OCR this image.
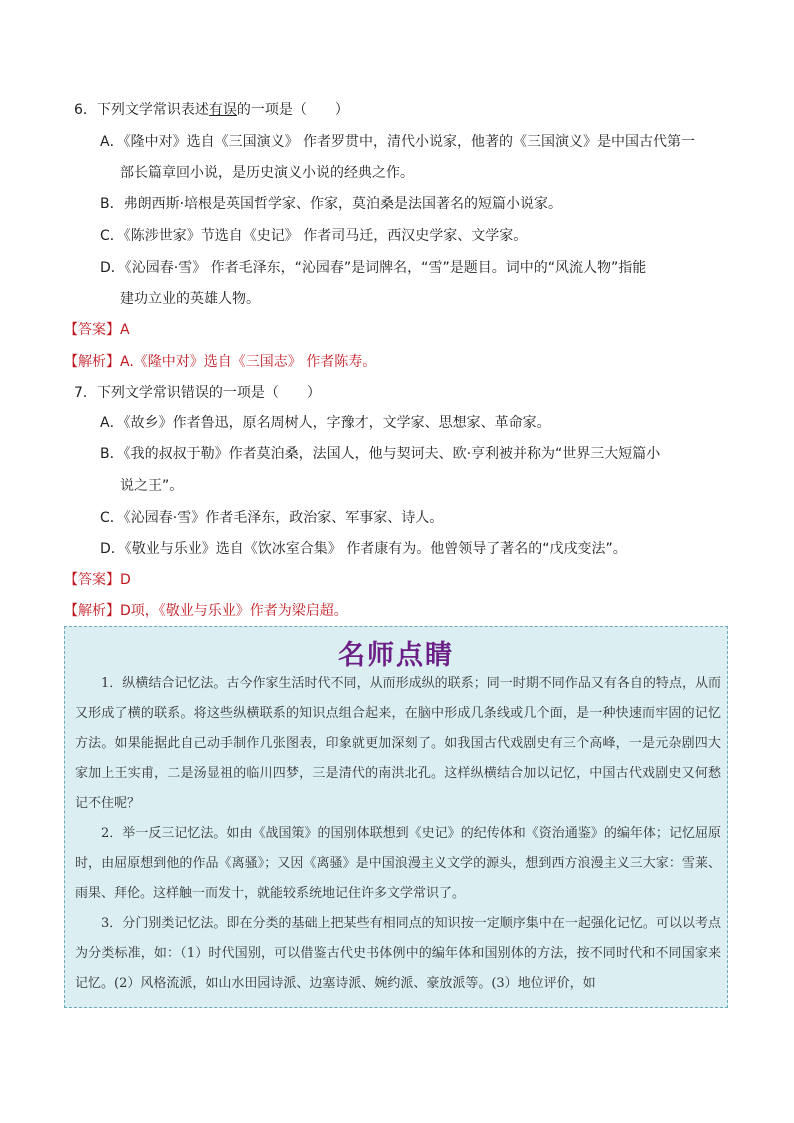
6．下列文学常识表述有误的一项是（　　）
A．《隆中对》选自《三国演义》 作者罗贯中，清代小说家，他著的《三国演义》是中国古代第一
部长篇章回小说，是历史演义小说的经典之作。
B．弗朗西斯·培根是英国哲学家、作家，莫泊桑是法国著名的短篇小说家。
C．《陈涉世家》节选自《史记》 作者司马迁，西汉史学家、文学家。
D．《沁园春·雪》 作者毛泽东，“沁园春”是词牌名，“雪”是题目。词中的“风流人物”指能
建功立业的英雄人物。
【答案】A
【解析】A.《隆中对》选自《三国志》 作者陈寿。
7．下列文学常识错误的一项是（　　）
A．《故乡》作者鲁迅，原名周树人，字豫才，文学家、思想家、革命家。
B．《我的叔叔于勒》作者莫泊桑，法国人，他与契诃夫、欧·亨利被并称为“世界三大短篇小
说之王”。
C．《沁园春·雪》作者毛泽东，政治家、军事家、诗人。
D．《敬业与乐业》选自《饮冰室合集》 作者康有为。他曾领导了著名的“戊戌变法”。
【答案】D
【解析】D项，《敬业与乐业》作者为梁启超。
名师点睛
1．纵横结合记忆法。古今作家生活时代不同，从而形成纵的联系；同一时期不同作品又有各自的特点，从而又形成了横的联系。将这些纵横联系的知识点组合起来，在脑中形成几条线或几个面，是一种快速而牢固的记忆方法。如果能据此自己动手制作几张图表，印象就更加深刻了。如我国古代戏剧史有三个高峰，一是元杂剧四大家加上王实甫，二是汤显祖的临川四梦，三是清代的南洪北孔。这样纵横结合加以记忆，中国古代戏剧史又何愁记不住呢？
2．举一反三记忆法。如由《战国策》的国别体联想到《史记》的纪传体和《资治通鉴》的编年体；记忆屈原时，由屈原想到他的作品《离骚》；又因《离骚》是中国浪漫主义文学的源头，想到西方浪漫主义三大家：雪莱、雨果、拜伦。这样触一而发十，就能较系统地记住许多文学常识了。
3．分门别类记忆法。即在分类的基础上把某些有相同点的知识按一定顺序集中在一起强化记忆。可以以考点为分类标准，如：（1）时代国别，可以借鉴古代史书体例中的编年体和国别体的方法，按不同时代和不同国家来记忆。(2）风格流派，如山水田园诗派、边塞诗派、婉约派、豪放派等。(3）地位评价，如
